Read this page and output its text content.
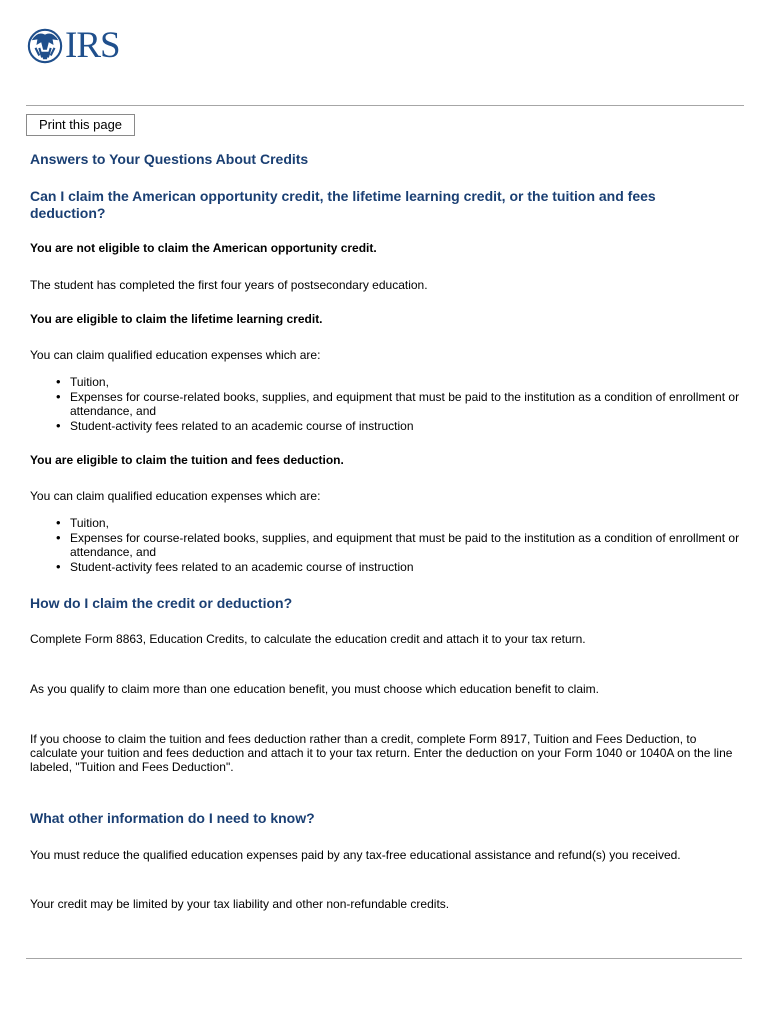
IRS
Print this page
Answers to Your Questions About Credits
Can I claim the American opportunity credit, the lifetime learning credit, or the tuition and fees deduction?

You are not eligible to claim the American opportunity credit.

The student has completed the first four years of postsecondary education.

You are eligible to claim the lifetime learning credit.

You can claim qualified education expenses which are:

• Tuition,
• Expenses for course-related books, supplies, and equipment that must be paid to the institution as a condition of enrollment or attendance, and
• Student-activity fees related to an academic course of instruction

You are eligible to claim the tuition and fees deduction.

You can claim qualified education expenses which are:

• Tuition,
• Expenses for course-related books, supplies, and equipment that must be paid to the institution as a condition of enrollment or attendance, and
• Student-activity fees related to an academic course of instruction
How do I claim the credit or deduction?

Complete Form 8863, Education Credits, to calculate the education credit and attach it to your tax return.

As you qualify to claim more than one education benefit, you must choose which education benefit to claim.

If you choose to claim the tuition and fees deduction rather than a credit, complete Form 8917, Tuition and Fees Deduction, to calculate your tuition and fees deduction and attach it to your tax return. Enter the deduction on your Form 1040 or 1040A on the line labeled, "Tuition and Fees Deduction".

What other information do I need to know?

You must reduce the qualified education expenses paid by any tax-free educational assistance and refund(s) you received.

Your credit may be limited by your tax liability and other non-refundable credits.
